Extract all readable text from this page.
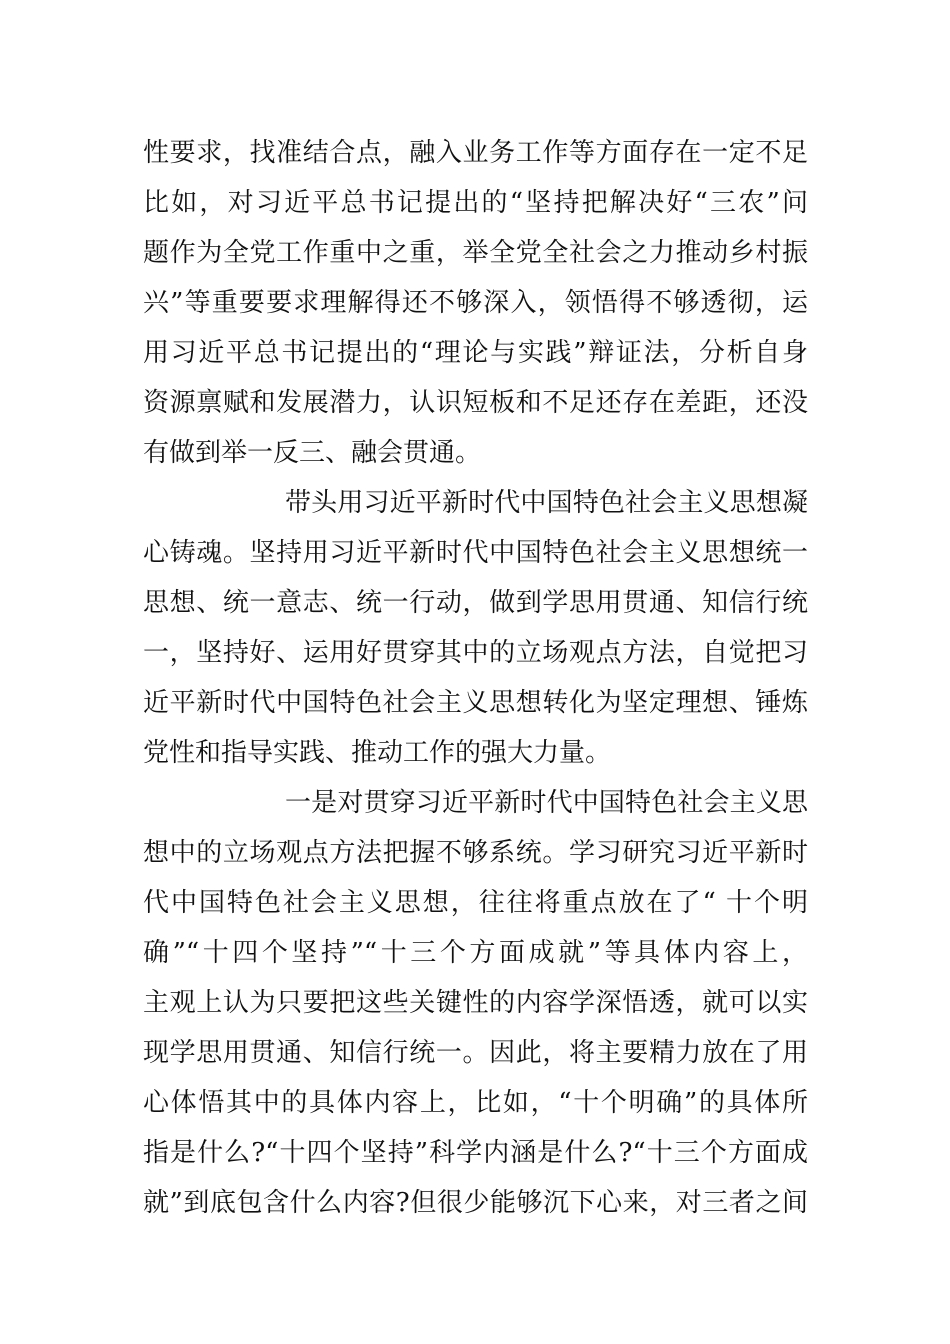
性要求，找准结合点，融入业务工作等方面存在一定不足
比如，对习近平总书记提出的“坚持把解决好“三农”问
题作为全党工作重中之重，举全党全社会之力推动乡村振
兴”等重要要求理解得还不够深入，领悟得不够透彻，运
用习近平总书记提出的“理论与实践”辩证法，分析自身
资源禀赋和发展潜力，认识短板和不足还存在差距，还没
有做到举一反三、融会贯通。
带头用习近平新时代中国特色社会主义思想凝
心铸魂。坚持用习近平新时代中国特色社会主义思想统一
思想、统一意志、统一行动，做到学思用贯通、知信行统
一，坚持好、运用好贯穿其中的立场观点方法，自觉把习
近平新时代中国特色社会主义思想转化为坚定理想、锤炼
党性和指导实践、推动工作的强大力量。
一是对贯穿习近平新时代中国特色社会主义思
想中的立场观点方法把握不够系统。学习研究习近平新时
代中国特色社会主义思想，往往将重点放在了“ 十个明
确”“十四个坚持”“十三个方面成就”等具体内容上，
主观上认为只要把这些关键性的内容学深悟透，就可以实
现学思用贯通、知信行统一。因此，将主要精力放在了用
心体悟其中的具体内容上，比如，“十个明确”的具体所
指是什么?“十四个坚持”科学内涵是什么?“十三个方面成
就”到底包含什么内容?但很少能够沉下心来，对三者之间
